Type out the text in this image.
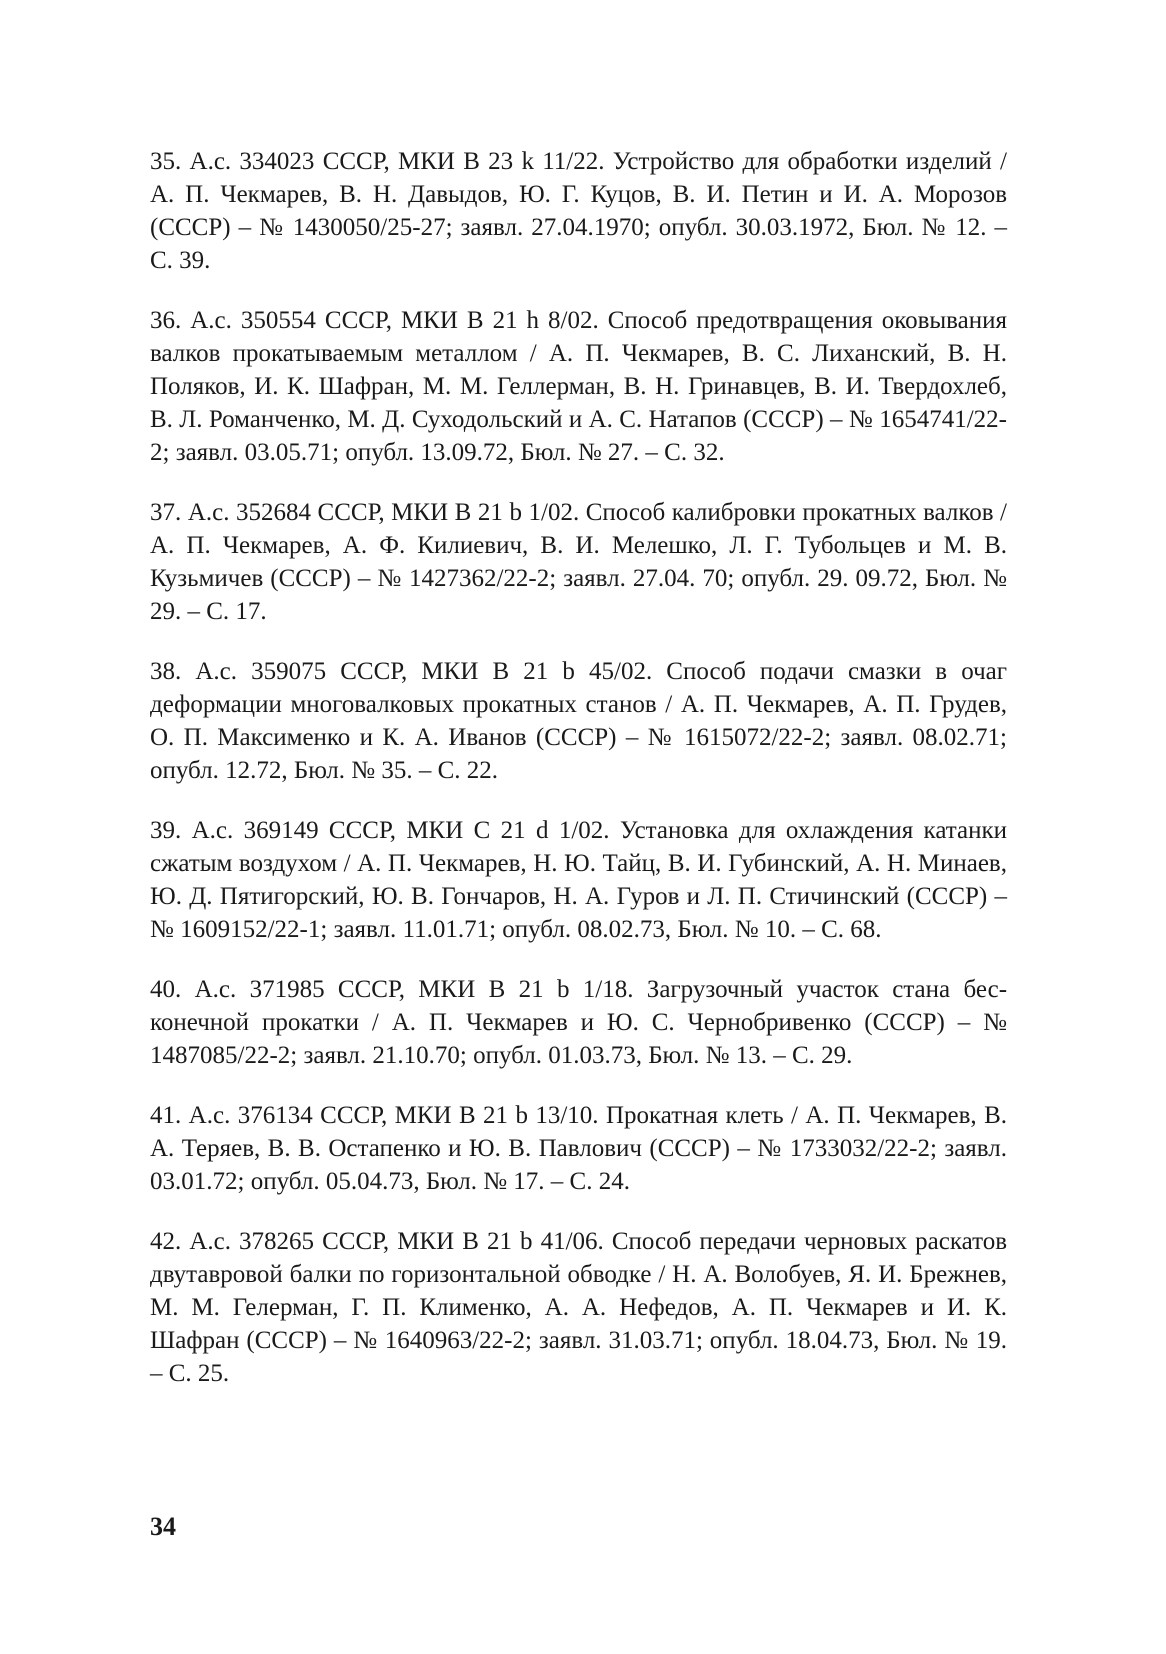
35. А.с. 334023 СССР, МКИ В 23 k 11/22. Устройство для обработки изделий / А. П. Чекмарев, В. Н. Давыдов, Ю. Г. Куцов, В. И. Петин и И. А. Морозов (СССР) – № 1430050/25-27; заявл. 27.04.1970; опубл. 30.03.1972, Бюл. № 12. – С. 39.

36. А.с. 350554 СССР, МКИ В 21 h 8/02. Способ предотвращения оковывания валков прокатываемым металлом / А. П. Чекмарев, В. С. Лиханский, В. Н. Поляков, И. К. Шафран, М. М. Геллерман, В. Н. Гринавцев, В. И. Твердохлеб, В. Л. Романченко, М. Д. Суходольский и А. С. Натапов (СССР) – № 1654741/22-2; заявл. 03.05.71; опубл. 13.09.72, Бюл. № 27. – С. 32.

37. А.с. 352684 СССР, МКИ В 21 b 1/02. Способ калибровки прокатных валков / А. П. Чекмарев, А. Ф. Килиевич, В. И. Мелешко, Л. Г. Тубольцев и М. В. Кузьмичев (СССР) – № 1427362/22-2; заявл. 27.04. 70; опубл. 29. 09.72, Бюл. № 29. – С. 17.

38. А.с. 359075 СССР, МКИ В 21 b 45/02. Способ подачи смазки в очаг деформации многовалковых прокатных станов / А. П. Чекмарев, А. П. Грудев, О. П. Максименко и К. А. Иванов (СССР) – № 1615072/22-2; заявл. 08.02.71; опубл. 12.72, Бюл. № 35. – С. 22.

39. А.с. 369149 СССР, МКИ С 21 d 1/02. Установка для охлаждения катанки сжатым воздухом / А. П. Чекмарев, Н. Ю. Тайц, В. И. Губинский, А. Н. Минаев, Ю. Д. Пятигорский, Ю. В. Гончаров, Н. А. Гуров и Л. П. Стичинский (СССР) – № 1609152/22-1; заявл. 11.01.71; опубл. 08.02.73, Бюл. № 10. – С. 68.

40. А.с. 371985 СССР, МКИ В 21 b 1/18. Загрузочный участок стана бесконечной прокатки / А. П. Чекмарев и Ю. С. Чернобривенко (СССР) – № 1487085/22-2; заявл. 21.10.70; опубл. 01.03.73, Бюл. № 13. – С. 29.

41. А.с. 376134 СССР, МКИ В 21 b 13/10. Прокатная клеть / А. П. Чекмарев, В. А. Теряев, В. В. Остапенко и Ю. В. Павлович (СССР) – № 1733032/22-2; заявл. 03.01.72; опубл. 05.04.73, Бюл. № 17. – С. 24.

42. А.с. 378265 СССР, МКИ В 21 b 41/06. Способ передачи черновых раскатов двутавровой балки по горизонтальной обводке / Н. А. Волобуев, Я. И. Брежнев, М. М. Гелерман, Г. П. Клименко, А. А. Нефедов, А. П. Чекмарев и И. К. Шафран (СССР) – № 1640963/22-2; заявл. 31.03.71; опубл. 18.04.73, Бюл. № 19. – С. 25.

34
